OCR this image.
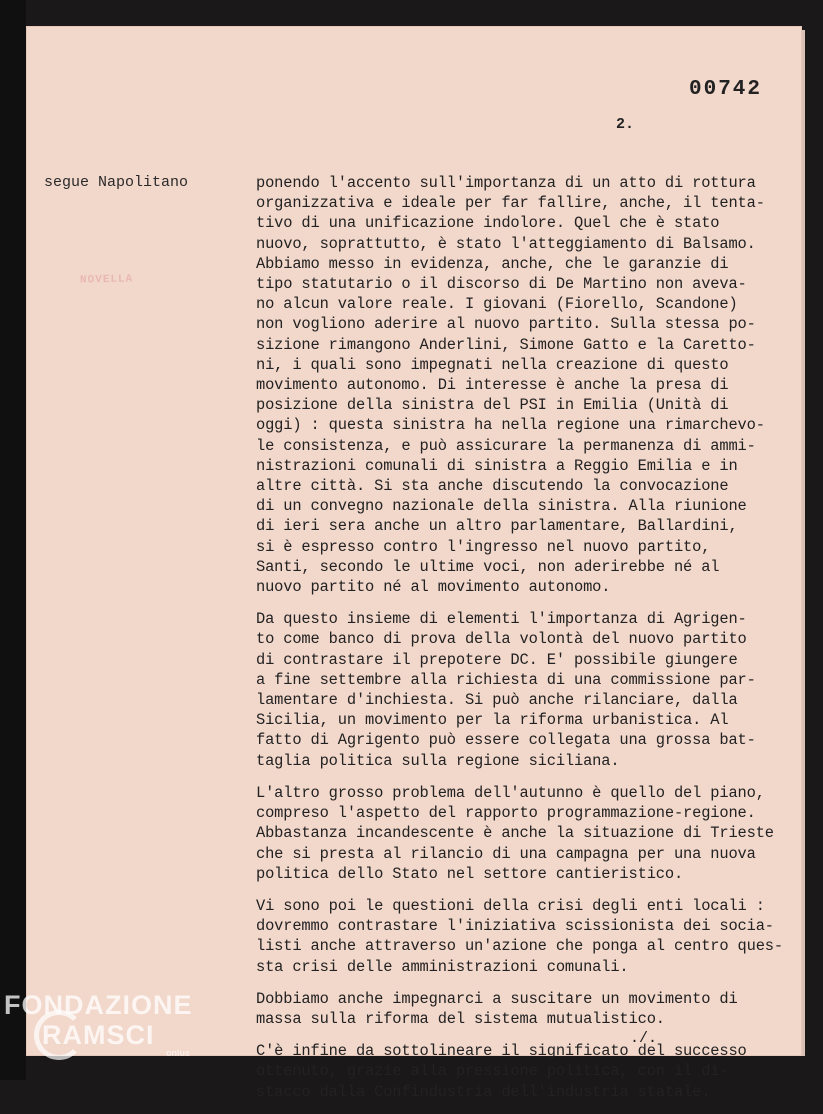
00742
2.
segue Napolitano
NOVELLA
ponendo l'accento sull'importanza di un atto di rottura
organizzativa e ideale per far fallire, anche, il tenta-
tivo di una unificazione indolore. Quel che è stato
nuovo, soprattutto, è stato l'atteggiamento di Balsamo.
Abbiamo messo in evidenza, anche, che le garanzie di
tipo statutario o il discorso di De Martino non aveva-
no alcun valore reale. I giovani (Fiorello, Scandone)
non vogliono aderire al nuovo partito. Sulla stessa po-
sizione rimangono Anderlini, Simone Gatto e la Caretto-
ni, i quali sono impegnati nella creazione di questo
movimento autonomo. Di interesse è anche la presa di
posizione della sinistra del PSI in Emilia (Unità di
oggi) : questa sinistra ha nella regione una rimarchevo-
le consistenza, e può assicurare la permanenza di ammi-
nistrazioni comunali di sinistra a Reggio Emilia e in
altre città. Si sta anche discutendo la convocazione
di un convegno nazionale della sinistra. Alla riunione
di ieri sera anche un altro parlamentare, Ballardini,
si è espresso contro l'ingresso nel nuovo partito,
Santi, secondo le ultime voci, non aderirebbe né al
nuovo partito né al movimento autonomo.
Da questo insieme di elementi l'importanza di Agrigen-
to come banco di prova della volontà del nuovo partito
di contrastare il prepotere DC. E' possibile giungere
a fine settembre alla richiesta di una commissione par-
lamentare d'inchiesta. Si può anche rilanciare, dalla
Sicilia, un movimento per la riforma urbanistica. Al
fatto di Agrigento può essere collegata una grossa bat-
taglia politica sulla regione siciliana.
L'altro grosso problema dell'autunno è quello del piano,
compreso l'aspetto del rapporto programmazione-regione.
Abbastanza incandescente è anche la situazione di Trieste
che si presta al rilancio di una campagna per una nuova
politica dello Stato nel settore cantieristico.
Vi sono poi le questioni della crisi degli enti locali :
dovremmo contrastare l'iniziativa scissionista dei socia-
listi anche attraverso un'azione che ponga al centro ques-
sta crisi delle amministrazioni comunali.
Dobbiamo anche impegnarci a suscitare un movimento di
massa sulla riforma del sistema mutualistico.
C'è infine da sottolineare il significato del successo
ottenuto, grazie alla pressione politica, con il di-
stacco dalla Confindustria dell'industria statale.
./.
FONDAZIONE
RAMSCI
onlus
